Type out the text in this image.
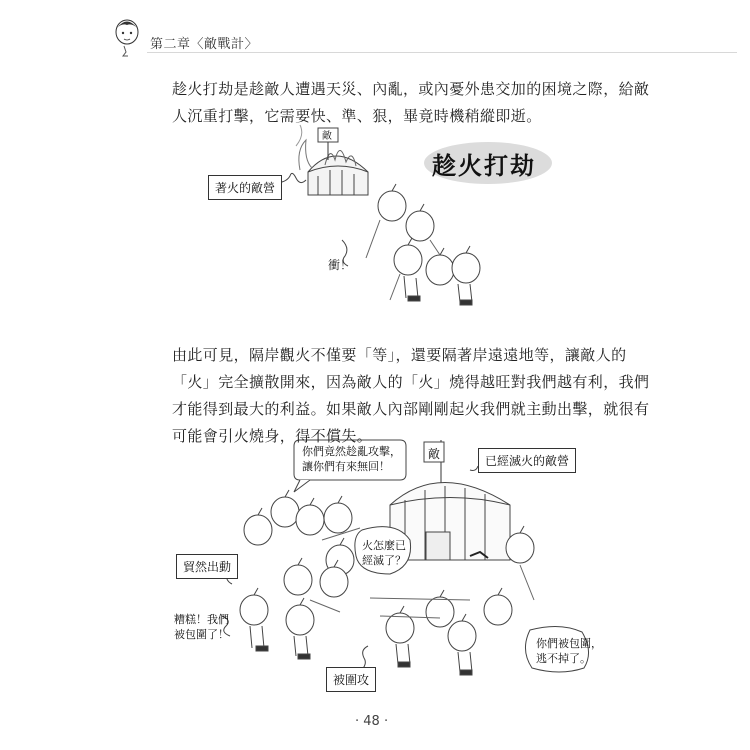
第二章〈敵戰計〉
趁火打劫是趁敵人遭遇天災、內亂，或內憂外患交加的困境之際，給敵
人沉重打擊，它需要快、準、狠，畢竟時機稍縱即逝。
趁火打劫
著火的敵營
敵
衝！
由此可見，隔岸觀火不僅要「等」，還要隔著岸遠遠地等，讓敵人的
「火」完全擴散開來，因為敵人的「火」燒得越旺對我們越有利，我們
才能得到最大的利益。如果敵人內部剛剛起火我們就主動出擊，就很有
可能會引火燒身，得不償失。
你們竟然趁亂攻擊，
讓你們有來無回！
敵	已經滅火的敵營
貿然出動
火怎麼已
經滅了？
糟糕！我們
被包圍了！
你們被包圍，
逃不掉了。
被圍攻
· 48 ·
